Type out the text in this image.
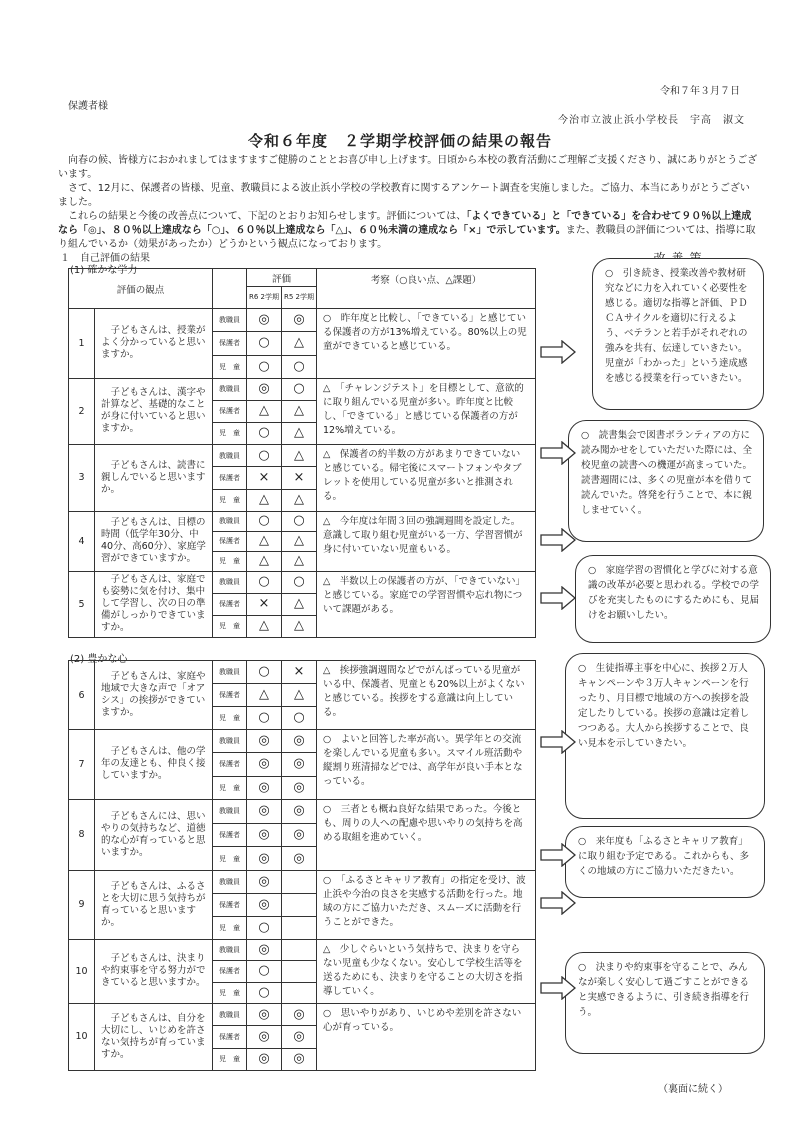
令和７年３月７日
保護者様
今治市立波止浜小学校長　宇高　淑文
令和６年度　２学期学校評価の結果の報告

向春の候、皆様方におかれましてはますますご健勝のこととお喜び申し上げます。日頃から本校の教育活動にご理解ご支援くださり、誠にありがとうございます。

さて、12月に、保護者の皆様、児童、教職員による波止浜小学校の学校教育に関するアンケート調査を実施しました。ご協力、本当にありがとうございました。

これらの結果と今後の改善点について、下記のとおりお知らせします。評価については、「よくできている」と「できている」を合わせて９０％以上達成なら「◎」、８０％以上達成なら「○」、６０％以上達成なら「△」、６０％未満の達成なら「×」で示しています。また、教職員の評価については、指導に取り組んでいるか（効果があったか）どうかという観点になっております。

１　自己評価の結果
(1) 確かな学力
評価の観点			評価		考察（○良い点、△課題）
			R6 2学期	R5 2学期	
1	子どもさんは、授業がよく分かっていると思いますか。	教職員	◎	◎	○　昨年度と比較し、「できている」と感じている保護者の方が13%増えている。80%以上の児童ができていると感じている。
		保護者	○	△	
		児　童	○	○	
2	子どもさんは、漢字や計算など、基礎的なことが身に付いていると思いますか。	教職員	◎	○	△　「チャレンジテスト」を目標として、意欲的に取り組んでいる児童が多い。昨年度と比較し、「できている」と感じている保護者の方が12%増えている。
		保護者	△	△	
		児　童	○	△	
3	子どもさんは、読書に親しんでいると思いますか。	教職員	○	△	△　保護者の約半数の方があまりできていないと感じている。帰宅後にスマートフォンやタブレットを使用している児童が多いと推測される。
		保護者	×	×	
		児　童	△	△	
4	子どもさんは、目標の時間（低学年30分、中40分、高60分）、家庭学習ができていますか。	教職員	○	○	△　今年度は年間３回の強調週間を設定した。意識して取り組む児童がいる一方、学習習慣が身に付いていない児童もいる。
		保護者	△	△	
		児　童	△	△	
5	子どもさんは、家庭でも姿勢に気を付け、集中して学習し、次の日の準備がしっかりできていますか。	教職員	○	○	△　半数以上の保護者の方が、「できていない」と感じている。家庭での学習習慣や忘れ物について課題がある。
		保護者	×	△	
		児　童	△	△	
(2) 豊かな心
6	子どもさんは、家庭や地域で大きな声で「オアシス」の挨拶ができていますか。	教職員	○	×	△　挨拶強調週間などでがんばっている児童がいる中、保護者、児童とも20%以上がよくないと感じている。挨拶をする意識は向上している。
		保護者	△	△	
		児　童	○	○	
7	子どもさんは、他の学年の友達とも、仲良く接していますか。	教職員	◎	◎	○　よいと回答した率が高い。異学年との交流を楽しんでいる児童も多い。スマイル班活動や縦割り班清掃などでは、高学年が良い手本となっている。
		保護者	◎	◎	
		児　童	◎	◎	
8	子どもさんには、思いやりの気持ちなど、道徳的な心が育っていると思いますか。	教職員	◎	◎	○　三者とも概ね良好な結果であった。今後とも、周りの人への配慮や思いやりの気持ちを高める取組を進めていく。
		保護者	◎	◎	
		児　童	◎	◎	
9	子どもさんは、ふるさとを大切に思う気持ちが育っていると思いますか。	教職員	◎		○　「ふるさとキャリア教育」の指定を受け、波止浜や今治の良さを実感する活動を行った。地域の方にご協力いただき、スムーズに活動を行うことができた。
		保護者	◎		
		児　童	○		
10	子どもさんは、決まりや約束事を守る努力ができていると思いますか。	教職員	◎		△　少しぐらいという気持ちで、決まりを守らない児童も少なくない。安心して学校生活等を送るためにも、決まりを守ることの大切さを指導していく。
		保護者	○		
		児　童	○		
10	子どもさんは、自分を大切にし、いじめを許さない気持ちが育っていますか。	教職員	◎	◎	○　思いやりがあり、いじめや差別を許さない心が育っている。
		保護者	◎	◎	
		児　童	◎	◎	
○　引き続き、授業改善や教材研究などに力を入れていく必要性を感じる。適切な指導と評価、ＰＤＣＡサイクルを適切に行えるよう、ベテランと若手がそれぞれの強みを共有、伝達していきたい。児童が「わかった」という達成感を感じる授業を行っていきたい。
○　読書集会で図書ボランティアの方に読み聞かせをしていただいた際には、全校児童の読書への機運が高まっていた。読書週間には、多くの児童が本を借りて読んでいた。啓発を行うことで、本に親しませていく。
○　家庭学習の習慣化と学びに対する意識の改革が必要と思われる。学校での学びを充実したものにするためにも、見届けをお願いしたい。
○　生徒指導主事を中心に、挨拶２万人キャンペーンや３万人キャンペーンを行ったり、月目標で地域の方への挨拶を設定したりしている。挨拶の意識は定着しつつある。大人から挨拶することで、良い見本を示していきたい。
○　来年度も「ふるさとキャリア教育」に取り組む予定である。これからも、多くの地域の方にご協力いただきたい。
○　決まりや約束事を守ることで、みんなが楽しく安心して過ごすことができると実感できるように、引き続き指導を行う。
（裏面に続く）
